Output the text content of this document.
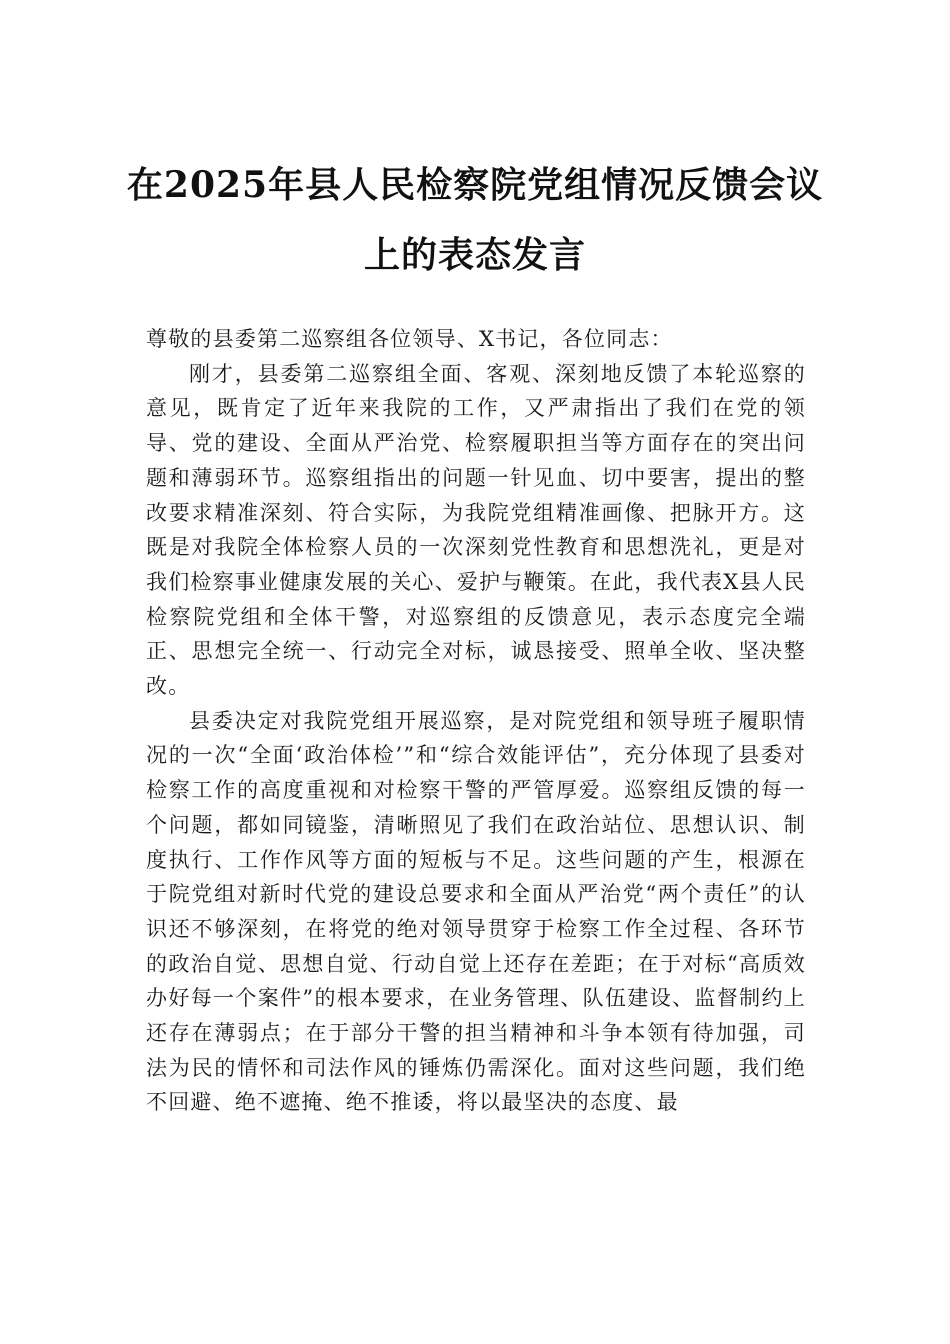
在2025年县人民检察院党组情况反馈会议
上的表态发言

尊敬的县委第二巡察组各位领导、X书记，各位同志：

刚才，县委第二巡察组全面、客观、深刻地反馈了本轮巡察的意见，既肯定了近年来我院的工作，又严肃指出了我们在党的领导、党的建设、全面从严治党、检察履职担当等方面存在的突出问题和薄弱环节。巡察组指出的问题一针见血、切中要害，提出的整改要求精准深刻、符合实际，为我院党组精准画像、把脉开方。这既是对我院全体检察人员的一次深刻党性教育和思想洗礼，更是对我们检察事业健康发展的关心、爱护与鞭策。在此，我代表X县人民检察院党组和全体干警，对巡察组的反馈意见，表示态度完全端正、思想完全统一、行动完全对标，诚恳接受、照单全收、坚决整改。

县委决定对我院党组开展巡察，是对院党组和领导班子履职情况的一次“全面‘政治体检’”和“综合效能评估”，充分体现了县委对检察工作的高度重视和对检察干警的严管厚爱。巡察组反馈的每一个问题，都如同镜鉴，清晰照见了我们在政治站位、思想认识、制度执行、工作作风等方面的短板与不足。这些问题的产生，根源在于院党组对新时代党的建设总要求和全面从严治党“两个责任”的认识还不够深刻，在将党的绝对领导贯穿于检察工作全过程、各环节的政治自觉、思想自觉、行动自觉上还存在差距；在于对标“高质效办好每一个案件”的根本要求，在业务管理、队伍建设、监督制约上还存在薄弱点；在于部分干警的担当精神和斗争本领有待加强，司法为民的情怀和司法作风的锤炼仍需深化。面对这些问题，我们绝不回避、绝不遮掩、绝不推诿，将以最坚决的态度、最
